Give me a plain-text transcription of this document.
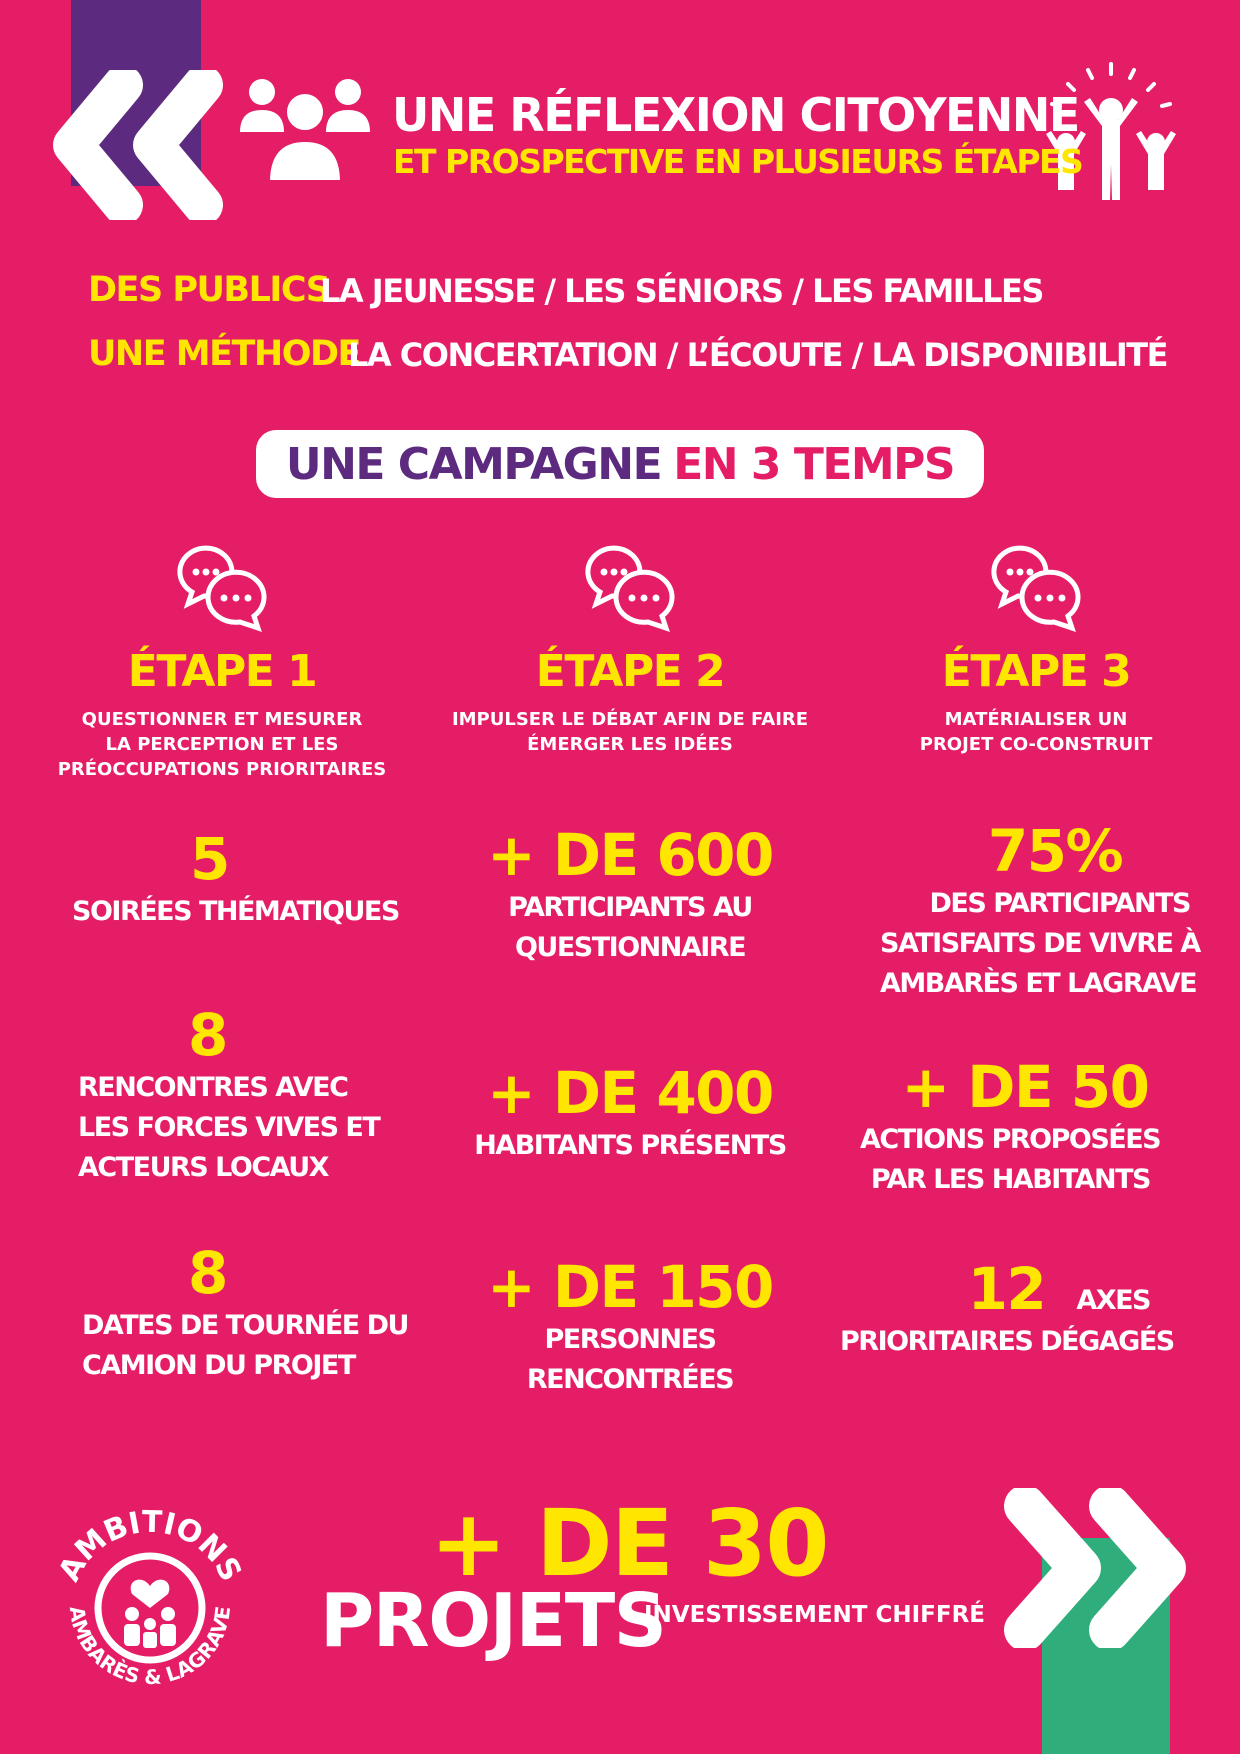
UNE RÉFLEXION CITOYENNE
ET PROSPECTIVE EN PLUSIEURS ÉTAPES
DES PUBLICS
LA JEUNESSE / LES SÉNIORS / LES FAMILLES
UNE MÉTHODE
LA CONCERTATION / L’ÉCOUTE / LA DISPONIBILITÉ
UNE CAMPAGNE EN 3 TEMPS
ÉTAPE 1
QUESTIONNER ET MESURER
LA PERCEPTION ET LES
PRÉOCCUPATIONS PRIORITAIRES
ÉTAPE 2
IMPULSER LE DÉBAT AFIN DE FAIRE
ÉMERGER LES IDÉES
ÉTAPE 3
MATÉRIALISER UN
PROJET CO-CONSTRUIT
5
SOIRÉES THÉMATIQUES
8
RENCONTRES AVEC
LES FORCES VIVES ET
ACTEURS LOCAUX
8
DATES DE TOURNÉE DU
CAMION DU PROJET
+ DE 600
PARTICIPANTS AU
QUESTIONNAIRE
+ DE 400
HABITANTS PRÉSENTS
+ DE 150
PERSONNES
RENCONTRÉES
75%
DES PARTICIPANTS
SATISFAITS DE VIVRE À
AMBARÈS ET LAGRAVE
+ DE 50
ACTIONS PROPOSÉES
PAR LES HABITANTS
12 AXES
PRIORITAIRES DÉGAGÉS
AMBITIONS
AMBARÈS & LAGRAVE
+ DE 30
PROJETS
INVESTISSEMENT CHIFFRÉ
